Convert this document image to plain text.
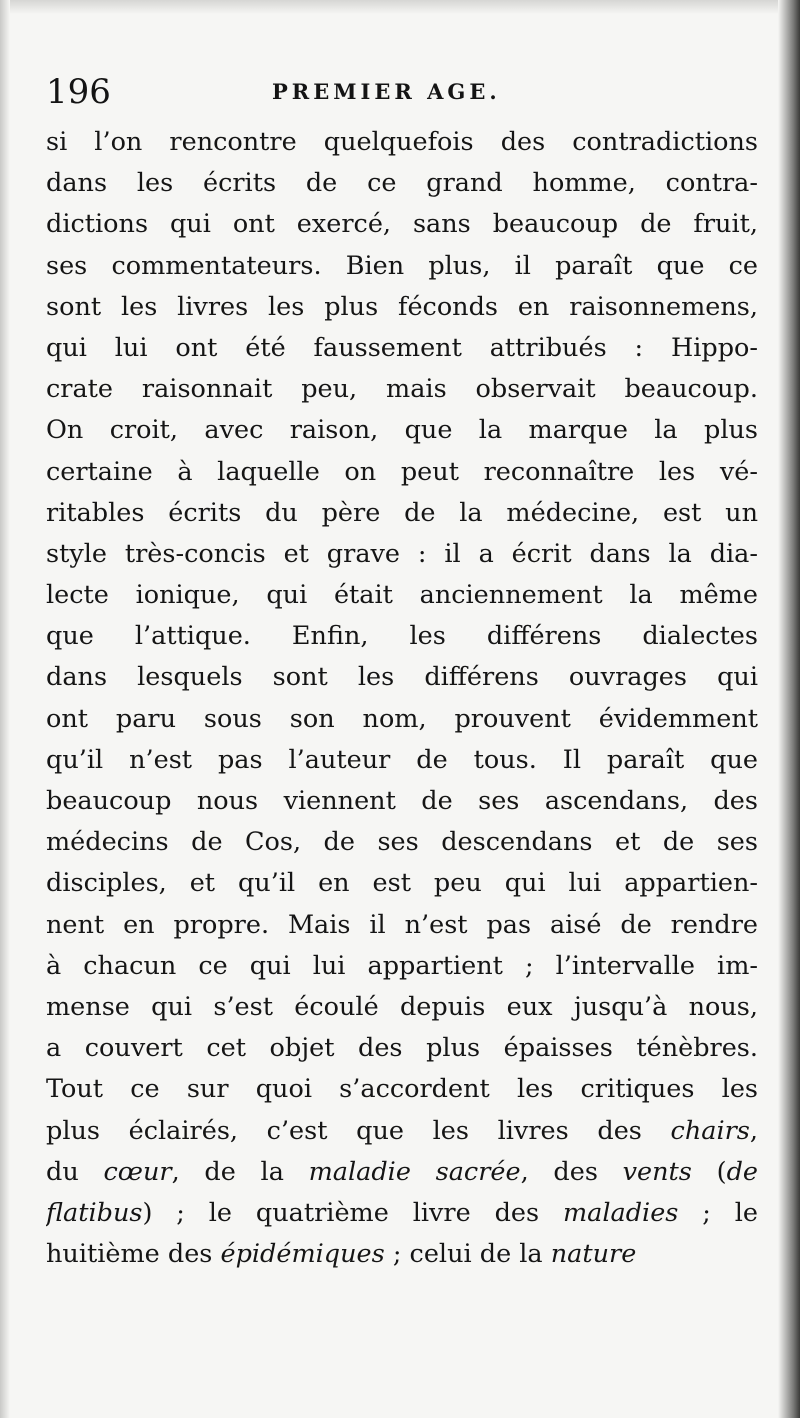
196	PREMIER AGE.
si l’on rencontre quelquefois des contradictions
dans les écrits de ce grand homme, contra-
dictions qui ont exercé, sans beaucoup de fruit,
ses commentateurs. Bien plus, il paraît que ce
sont les livres les plus féconds en raisonnemens,
qui lui ont été faussement attribués : Hippo-
crate raisonnait peu, mais observait beaucoup.
On croit, avec raison, que la marque la plus
certaine à laquelle on peut reconnaître les vé-
ritables écrits du père de la médecine, est un
style très-concis et grave : il a écrit dans la dia-
lecte ionique, qui était anciennement la même
que l’attique. Enfin, les différens dialectes
dans lesquels sont les différens ouvrages qui
ont paru sous son nom, prouvent évidemment
qu’il n’est pas l’auteur de tous. Il paraît que
beaucoup nous viennent de ses ascendans, des
médecins de Cos, de ses descendans et de ses
disciples, et qu’il en est peu qui lui appartien-
nent en propre. Mais il n’est pas aisé de rendre
à chacun ce qui lui appartient ; l’intervalle im-
mense qui s’est écoulé depuis eux jusqu’à nous,
a couvert cet objet des plus épaisses ténèbres.
Tout ce sur quoi s’accordent les critiques les
plus éclairés, c’est que les livres des chairs,
du cœur, de la maladie sacrée, des vents (de
flatibus) ; le quatrième livre des maladies ; le
huitième des épidémiques ; celui de la nature
